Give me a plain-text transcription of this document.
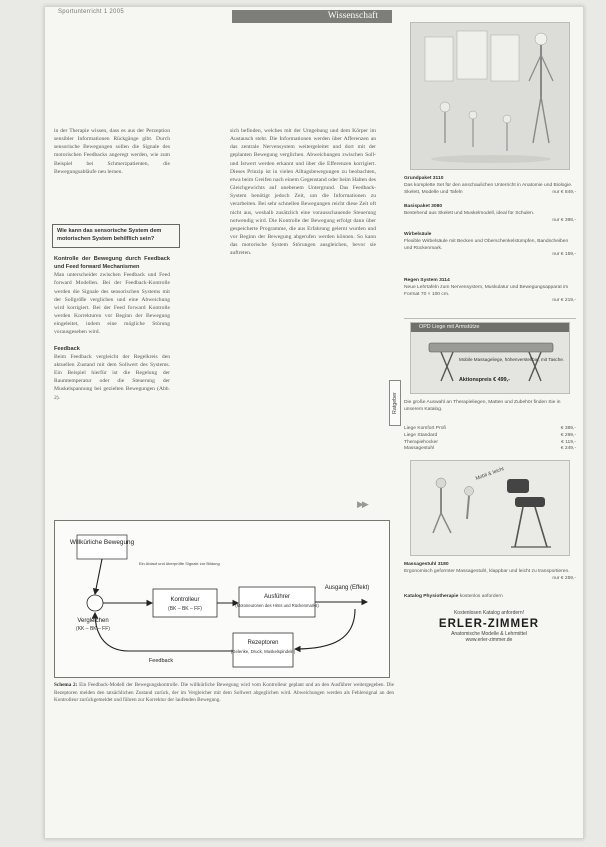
Sportunterricht 1 2005	Wissenschaft

in der Therapie wissen, dass es aus der Perzeption sensibler Informationen Rückgänge gibt. Durch sensorische Bewegungen sollen die Signale des motorischen Feedbacks angeregt werden, wie zum Beispiel bei Schmerzpatienten, die Bewegungsabläufe neu lernen.

Wie kann das sensorische System dem motorischen System behilflich sein?
Kontrolle der Bewegung durch Feedback und Feed forward Mechanismen

Man unterscheidet zwischen Feedback und Feed forward Modellen. Bei der Feedback-Kontrolle werden die Signale des sensorischen Systems mit der Sollgröße verglichen und eine Abweichung wird korrigiert. Bei der Feed forward Kontrolle werden Korrekturen vor Beginn der Bewegung eingeleitet, indem eine mögliche Störung vorausgesehen wird.

Feedback

Beim Feedback vergleicht der Regelkreis den aktuellen Zustand mit dem Sollwert des Systems. Ein Beispiel hierfür ist die Regelung der Raumtemperatur oder die Steuerung der Muskelspannung bei gezielten Bewegungen (Abb. 2).

sich befinden, welches mit der Umgebung und dem Körper im Austausch steht. Die Informationen werden über Afferenzen an das zentrale Nervensystem weitergeleitet und dort mit der geplanten Bewegung verglichen. Abweichungen zwischen Soll- und Istwert werden erkannt und über die Efferenzen korrigiert. Dieses Prinzip ist in vielen Alltagsbewegungen zu beobachten, etwa beim Greifen nach einem Gegenstand oder beim Halten des Gleichgewichts auf unebenem Untergrund. Das Feedback-System benötigt jedoch Zeit, um die Informationen zu verarbeiten. Bei sehr schnellen Bewegungen reicht diese Zeit oft nicht aus, weshalb zusätzlich eine vorausschauende Steuerung notwendig wird. Die Kontrolle der Bewegung erfolgt dann über gespeicherte Programme, die aus Erfahrung gelernt wurden und vor Beginn der Bewegung abgerufen werden können. So kann das motorische System Störungen ausgleichen, bevor sie auftreten.

Ratgeber
▶▶
Willkürliche Bewegung
Ein Ablauf und überprüfte Signale zur Bildung
Kontrolleur
(BK – BK – FF)
Ausführer
(Motoneuronen des Hirns und Rückenmarks)
Ausgang (Effekt)
Rezeptoren
(Gelenke, Druck, Muskelspindeln)
Vergleichen
(KK – BK – FF)
Feedback
Schema 2: Ein Feedback-Modell der Bewegungskontrolle. Die willkürliche Bewegung wird vom Kontrolleur geplant und an den Ausführer weitergegeben. Die Rezeptoren melden den tatsächlichen Zustand zurück, der im Vergleicher mit dem Sollwert abgeglichen wird. Abweichungen werden als Fehlersignal an den Kontrolleur zurückgemeldet und führen zur Korrektur der laufenden Bewegung.
Grundpaket 3110
Das komplette Set für den anschaulichen Unterricht in Anatomie und Biologie.
Skelett, Modelle und Tafeln	nur € 849,-
Basispaket 3080
Bestehend aus Skelett und Muskelmodell, ideal für Schulen.
nur € 398,-
Wirbelsäule
Flexible Wirbelsäule mit Becken und Oberschenkelstümpfen, Bandscheiben und Rückenmark.
nur € 159,-
Regen System 3114
Neue Lehrtafeln zum Nervensystem, Muskulatur und Bewegungsapparat im Format 70 × 100 cm.
nur € 219,-
OPD Liege mit Armstütze
Mobile Massageliege, höhenverstellbar, mit Tasche.
Aktionspreis € 499,-
Die große Auswahl an Therapieliegen, Matten und Zubehör finden Sie in unserem Katalog.
Liege Komfort Profi	€ 389,-
Liege Standard	€ 299,-
Therapiehocker	€ 119,-
Massagestuhl	€ 249,-
Mobil & leicht
Massagestuhl 3180
Ergonomisch geformter Massagestuhl, klappbar und leicht zu transportieren.
nur € 259,-
Katalog Physiotherapie kostenlos anfordern
Kostenlosen Katalog anfordern!
ERLER-ZIMMER
Anatomische Modelle & Lehrmittel
www.erler-zimmer.de
